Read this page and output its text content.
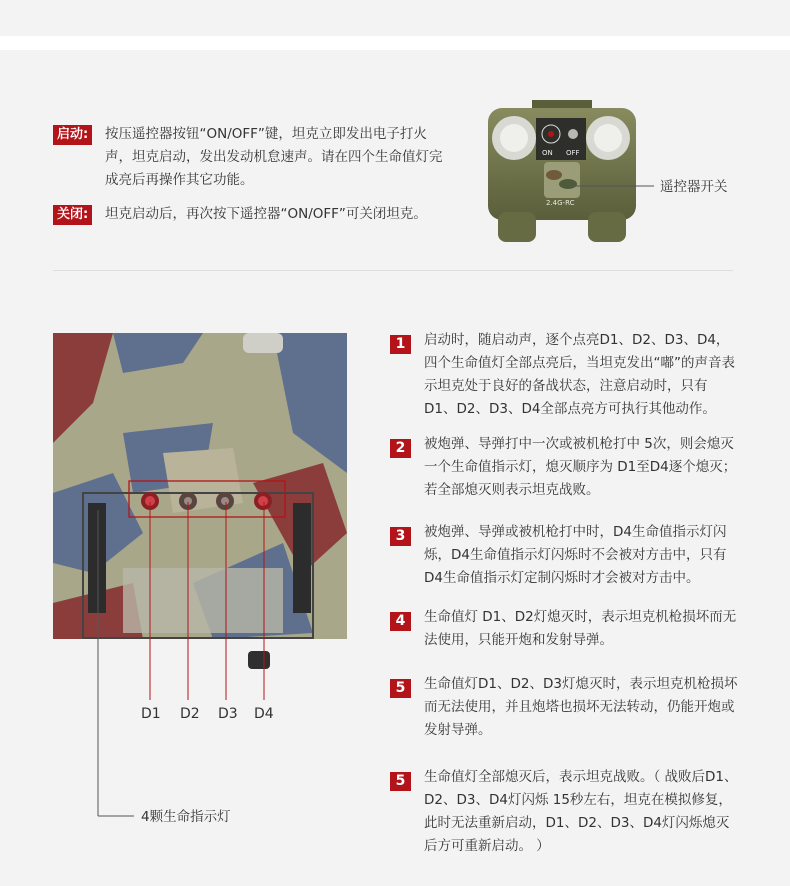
启动: 按压遥控器按钮“ON/OFF”键，坦克立即发出电子打火声，坦克启动，发出发动机怠速声。请在四个生命值灯完成亮后再操作其它功能。
关闭: 坦克启动后，再次按下遥控器“ON/OFF”可关闭坦克。
ON OFF
2.4G-RC
遥控器开关
D1 D2 D3 D4
4颗生命指示灯
1	启动时，随启动声，逐个点亮D1、D2、D3、D4，四个生命值灯全部点亮后，当坦克发出“嘟”的声音表示坦克处于良好的备战状态，注意启动时，只有D1、D2、D3、D4全部点亮方可执行其他动作。
2	被炮弹、导弹打中一次或被机枪打中 5次，则会熄灭一个生命值指示灯，熄灭顺序为 D1至D4逐个熄灭；若全部熄灭则表示坦克战败。
3	被炮弹、导弹或被机枪打中时，D4生命值指示灯闪烁，D4生命值指示灯闪烁时不会被对方击中，只有D4生命值指示灯定制闪烁时才会被对方击中。
4	生命值灯 D1、D2灯熄灭时，表示坦克机枪损坏而无法使用，只能开炮和发射导弹。
5	生命值灯D1、D2、D3灯熄灭时，表示坦克机枪损坏而无法使用，并且炮塔也损坏无法转动，仍能开炮或发射导弹。
5	生命值灯全部熄灭后，表示坦克战败。（ 战败后D1、D2、D3、D4灯闪烁 15秒左右，坦克在模拟修复，此时无法重新启动，D1、D2、D3、D4灯闪烁熄灭后方可重新启动。 ）
